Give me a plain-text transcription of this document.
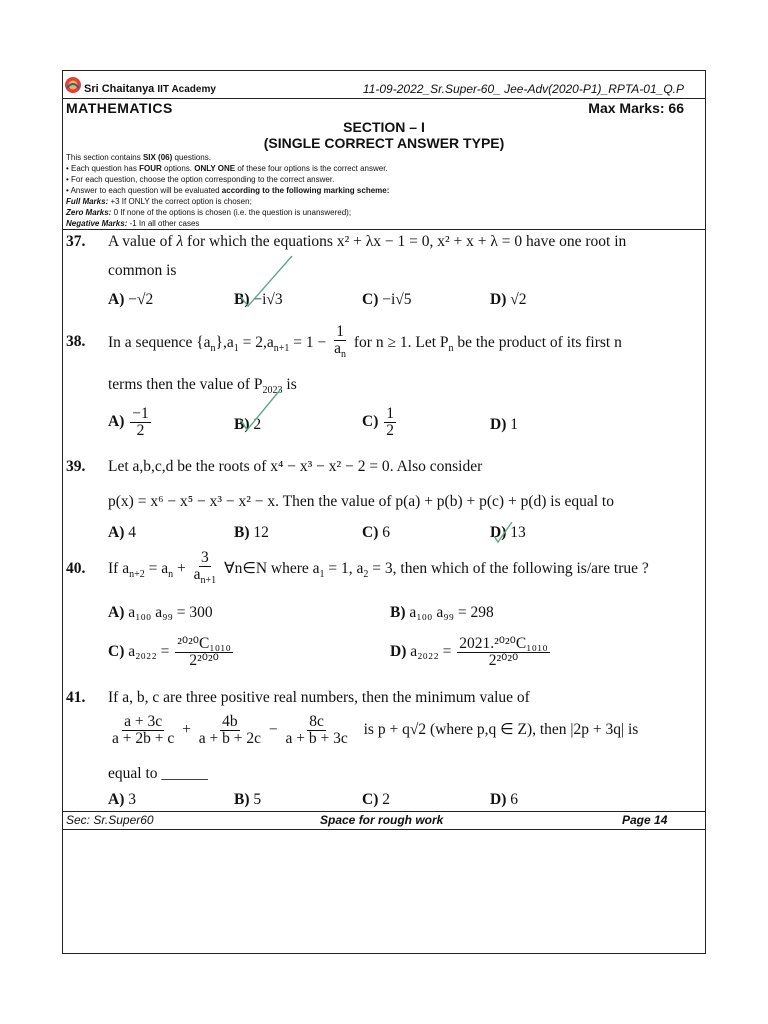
Sri Chaitanya IIT Academy	11-09-2022_Sr.Super-60_ Jee-Adv(2020-P1)_RPTA-01_Q.P
MATHEMATICS	Max Marks: 66
SECTION – I
(SINGLE CORRECT ANSWER TYPE)
This section contains SIX (06) questions.
• Each question has FOUR options. ONLY ONE of these four options is the correct answer.
• For each question, choose the option corresponding to the correct answer.
• Answer to each question will be evaluated according to the following marking scheme:
Full Marks: +3 If ONLY the correct option is chosen;
Zero Marks: 0 If none of the options is chosen (i.e. the question is unanswered);
Negative Marks: -1 In all other cases
37. A value of λ for which the equations x² + λx − 1 = 0, x² + x + λ = 0 have one root in
common is
A) −√2	B) −i√3	C) −i√5	D) √2
38. In a sequence $\{a_n\},a_1 = 2,a_{n+1} = 1 - \frac{1}{a_n}$ for n ≥ 1. Let $P_n$ be the product of its first n
terms then the value of $P_{2023}$ is
$A) \frac{-1}{2}$	B) 2	$C) \frac{1}{2}$	D) 1
39. Let a,b,c,d be the roots of x⁴ − x³ − x² − 2 = 0. Also consider
p(x) = x⁶ − x⁵ − x³ − x² − x. Then the value of p(a) + p(b) + p(c) + p(d) is equal to
A) 4	B) 12	C) 6	D) 13
40. If $a_{n+2} = a_n + \frac{3}{a_{n+1}}$ ∀n∈N where $a_1 = 1$, $a_2 = 3$, then which of the following is/are true ?
A) a₁₀₀ a₉₉ = 300	B) a₁₀₀ a₉₉ = 298
C) $a_{2022} = \frac{\text{²⁰²⁰C₁₀₁₀}}{\text{2²⁰²⁰}}$	D) $a_{2022} = \frac{\text{2021.²⁰²⁰C₁₀₁₀}}{\text{2²⁰²⁰}}$
41. If a, b, c are three positive real numbers, then the minimum value of
$\frac{a + 3c}{a + 2b + c} + \frac{4b}{a + b + 2c} - \frac{8c}{a + b + 3c}$ is p + q√2 (where p,q ∈ Z), then |2p + 3q| is
equal to ______
A) 3	B) 5	C) 2	D) 6
Sec: Sr.Super60	Space for rough work	Page 14
